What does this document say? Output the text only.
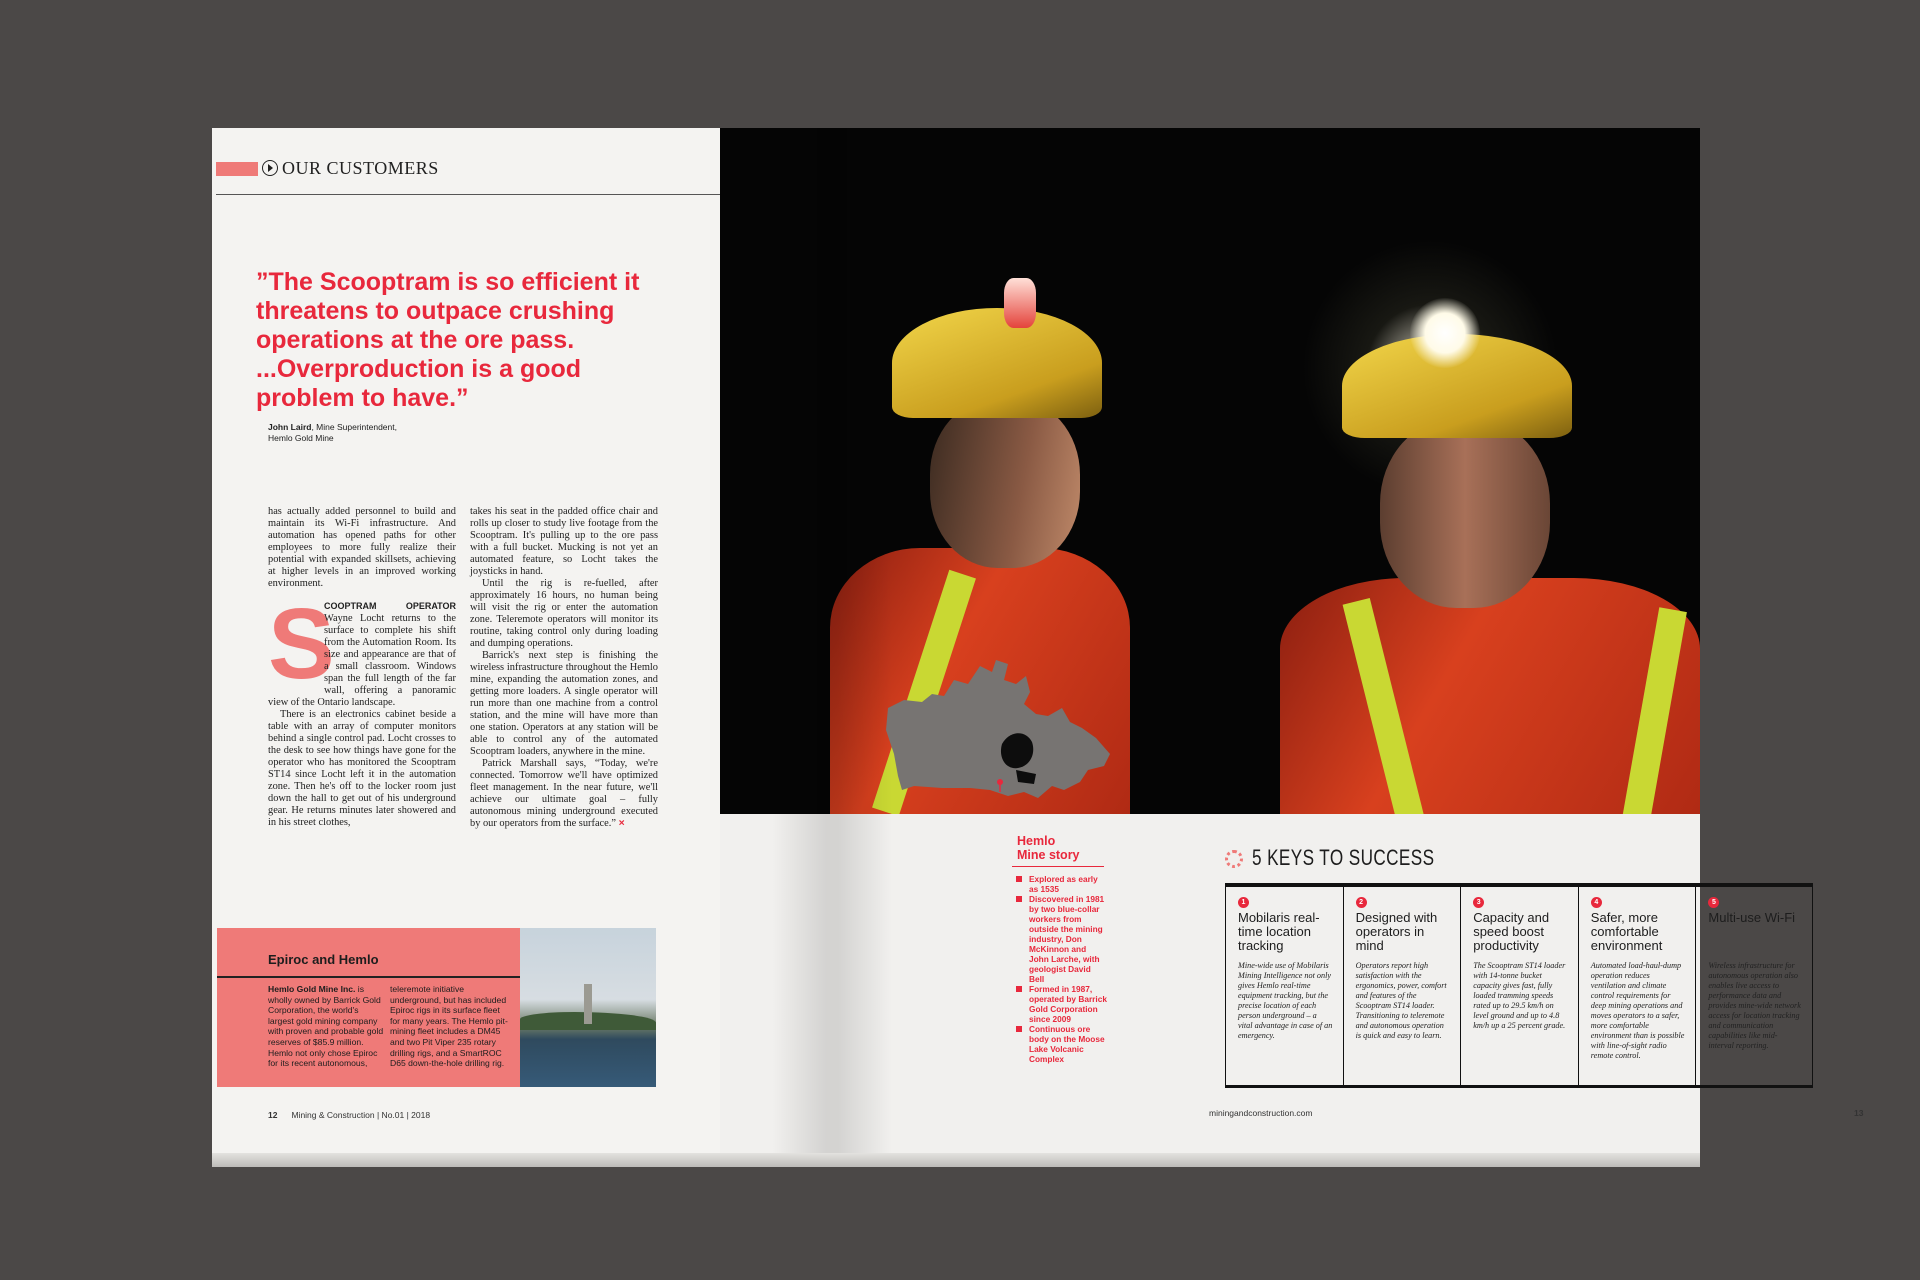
OUR CUSTOMERS
”The Scooptram is so efficient it threatens to outpace crushing operations at the ore pass. ...Overproduction is a good problem to have.”
John Laird, Mine Superintendent,
Hemlo Gold Mine

has actually added personnel to build and maintain its Wi-Fi infrastructure. And automation has opened paths for other employees to more fully realize their potential with expanded skillsets, achieving at higher levels in an improved working environment.

S

COOPTRAM OPERATOR Wayne Locht returns to the surface to complete his shift from the Automation Room. Its size and appearance are that of a small classroom. Windows span the full length of the far wall, offering a panoramic view of the Ontario landscape.

There is an electronics cabinet beside a table with an array of computer monitors behind a single control pad. Locht crosses to the desk to see how things have gone for the operator who has monitored the Scooptram ST14 since Locht left it in the automation zone. Then he's off to the locker room just down the hall to get out of his underground gear. He returns minutes later showered and in his street clothes,

takes his seat in the padded office chair and rolls up closer to study live footage from the Scooptram. It's pulling up to the ore pass with a full bucket. Mucking is not yet an automated feature, so Locht takes the joysticks in hand.

Until the rig is re-fuelled, after approximately 16 hours, no human being will visit the rig or enter the automation zone. Teleremote operators will monitor its routine, taking control only during loading and dumping operations.

Barrick's next step is finishing the wireless infrastructure throughout the Hemlo mine, expanding the automation zones, and getting more loaders. A single operator will run more than one machine from a control station, and the mine will have more than one station. Operators at any station will be able to control any of the automated Scooptram loaders, anywhere in the mine.

Patrick Marshall says, “Today, we're connected. Tomorrow we'll have optimized fleet management. In the near future, we'll achieve our ultimate goal – fully autonomous mining underground executed by our operators from the surface.” ×

Epiroc and Hemlo
Hemlo Gold Mine Inc. is wholly owned by Barrick Gold Corporation, the world's largest gold mining company with proven and probable gold reserves of $85.9 million. Hemlo not only chose Epiroc for its recent autonomous,
teleremote initiative underground, but has included Epiroc rigs in its surface fleet for many years. The Hemlo pit-mining fleet includes a DM45 and two Pit Viper 235 rotary drilling rigs, and a SmartROC D65 down-the-hole drilling rig.
12 Mining & Construction | No.01 | 2018
Hemlo
Mine story
Explored as early as 1535
Discovered in 1981 by two blue-collar workers from outside the mining industry, Don McKinnon and John Larche, with geologist David Bell
Formed in 1987, operated by Barrick Gold Corporation since 2009
Continuous ore body on the Moose Lake Volcanic Complex
5 KEYS TO SUCCESS
1
Mobilaris real-time location tracking
Mine-wide use of Mobilaris Mining Intelligence not only gives Hemlo real-time equipment tracking, but the precise location of each person underground – a vital advantage in case of an emergency.
2
Designed with operators in mind
Operators report high satisfaction with the ergonomics, power, comfort and features of the Scooptram ST14 loader. Transitioning to teleremote and autonomous operation is quick and easy to learn.
3
Capacity and speed boost productivity
The Scooptram ST14 loader with 14-tonne bucket capacity gives fast, fully loaded tramming speeds rated up to 29.5 km/h on level ground and up to 4.8 km/h up a 25 percent grade.
4
Safer, more comfortable environment
Automated load-haul-dump operation reduces ventilation and climate control requirements for deep mining operations and moves operators to a safer, more comfortable environment than is possible with line-of-sight radio remote control.
5
Multi-use Wi-Fi
Wireless infrastructure for autonomous operation also enables live access to performance data and provides mine-wide network access for location tracking and communication capabilities like mid-interval reporting.
miningandconstruction.com	13
